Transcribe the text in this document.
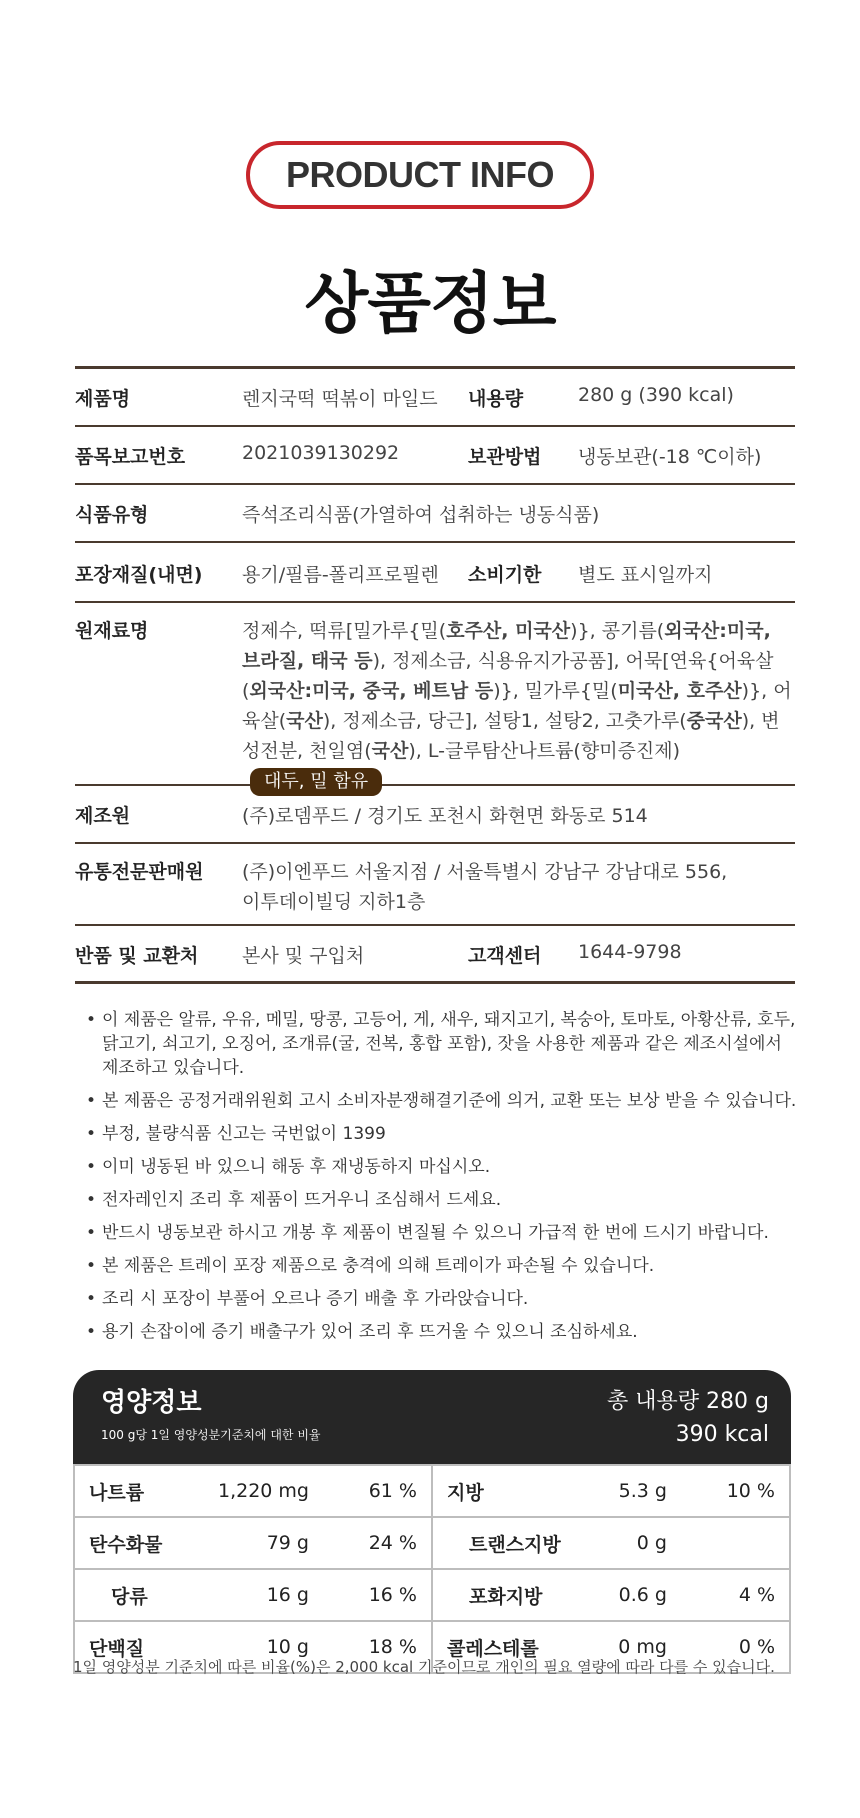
PRODUCT INFO
상품정보
제품명	렌지국떡 떡볶이 마일드	내용량	280 g (390 kcal)
품목보고번호	2021039130292	보관방법	냉동보관(-18 ℃이하)
식품유형	즉석조리식품(가열하여 섭취하는 냉동식품)
포장재질(내면)	용기/필름-폴리프로필렌	소비기한	별도 표시일까지
원재료명	정제수, 떡류[밀가루{밀(호주산, 미국산)}, 콩기름(외국산:미국, 브라질, 태국 등), 정제소금, 식용유지가공품], 어묵[연육{어육살(외국산:미국, 중국, 베트남 등)}, 밀가루{밀(미국산, 호주산)}, 어육살(국산), 정제소금, 당근], 설탕1, 설탕2, 고춧가루(중국산), 변성전분, 천일염(국산), L-글루탐산나트륨(향미증진제)대두, 밀 함유
제조원	(주)로뎀푸드 / 경기도 포천시 화현면 화동로 514
유통전문판매원	(주)이엔푸드 서울지점 / 서울특별시 강남구 강남대로 556,
이투데이빌딩 지하1층
반품 및 교환처	본사 및 구입처	고객센터	1644-9798
• 이 제품은 알류, 우유, 메밀, 땅콩, 고등어, 게, 새우, 돼지고기, 복숭아, 토마토, 아황산류, 호두, 닭고기, 쇠고기, 오징어, 조개류(굴, 전복, 홍합 포함), 잣을 사용한 제품과 같은 제조시설에서 제조하고 있습니다.
• 본 제품은 공정거래위원회 고시 소비자분쟁해결기준에 의거, 교환 또는 보상 받을 수 있습니다.
• 부정, 불량식품 신고는 국번없이 1399
• 이미 냉동된 바 있으니 해동 후 재냉동하지 마십시오.
• 전자레인지 조리 후 제품이 뜨거우니 조심해서 드세요.
• 반드시 냉동보관 하시고 개봉 후 제품이 변질될 수 있으니 가급적 한 번에 드시기 바랍니다.
• 본 제품은 트레이 포장 제품으로 충격에 의해 트레이가 파손될 수 있습니다.
• 조리 시 포장이 부풀어 오르나 증기 배출 후 가라앉습니다.
• 용기 손잡이에 증기 배출구가 있어 조리 후 뜨거울 수 있으니 조심하세요.
영양정보
100 g당 1일 영양성분기준치에 대한 비율
총 내용량 280 g
390 kcal
나트륨 1,220 mg 61 %	지방 5.3 g 10 %

탄수화물 79 g 24 %	트랜스지방 0 g

당류 16 g 16 %	포화지방 0.6 g 4 %

단백질 10 g 18 %	콜레스테롤 0 mg 0 %
1일 영양성분 기준치에 따른 비율(%)은 2,000 kcal 기준이므로 개인의 필요 열량에 따라 다를 수 있습니다.
